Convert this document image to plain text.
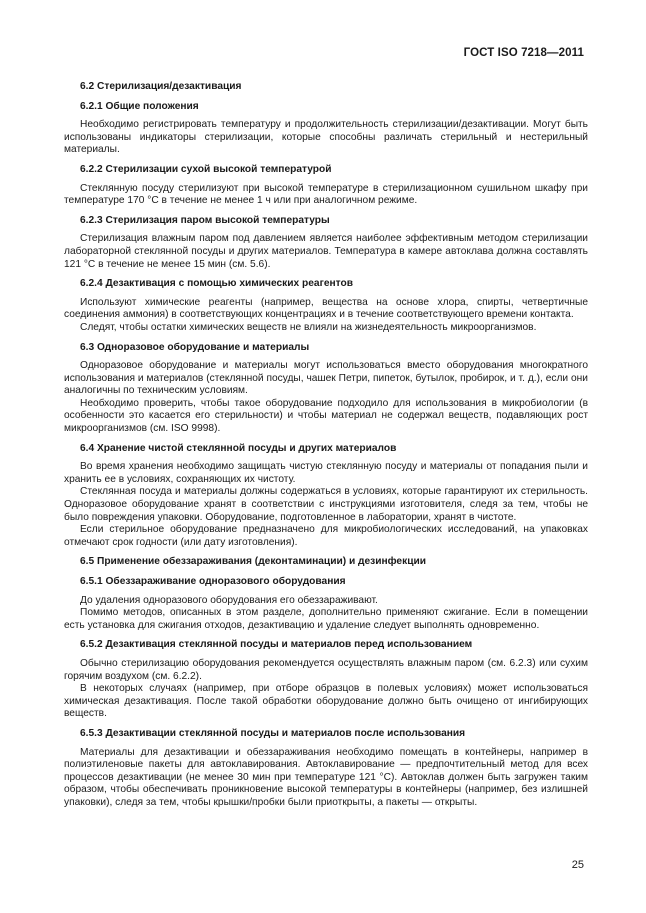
ГОСТ ISO 7218—2011
6.2 Стерилизация/дезактивация
6.2.1 Общие положения

Необходимо регистрировать температуру и продолжительность стерилизации/дезактивации. Могут быть использованы индикаторы стерилизации, которые способны различать стерильный и нестерильный материалы.

6.2.2 Стерилизации сухой высокой температурой

Стеклянную посуду стерилизуют при высокой температуре в стерилизационном сушильном шкафу при температуре 170 °С в течение не менее 1 ч или при аналогичном режиме.

6.2.3 Стерилизация паром высокой температуры

Стерилизация влажным паром под давлением является наиболее эффективным методом стерилизации лабораторной стеклянной посуды и других материалов. Температура в камере автоклава должна составлять 121 °С в течение не менее 15 мин (см. 5.6).

6.2.4 Дезактивация с помощью химических реагентов

Используют химические реагенты (например, вещества на основе хлора, спирты, четвертичные соединения аммония) в соответствующих концентрациях и в течение соответствующего времени контакта.

Следят, чтобы остатки химических веществ не влияли на жизнедеятельность микроорганизмов.

6.3 Одноразовое оборудование и материалы

Одноразовое оборудование и материалы могут использоваться вместо оборудования многократного использования и материалов (стеклянной посуды, чашек Петри, пипеток, бутылок, пробирок, и т. д.), если они аналогичны по техническим условиям.

Необходимо проверить, чтобы такое оборудование подходило для использования в микробиологии (в особенности это касается его стерильности) и чтобы материал не содержал веществ, подавляющих рост микроорганизмов (см. ISO 9998).

6.4 Хранение чистой стеклянной посуды и других материалов

Во время хранения необходимо защищать чистую стеклянную посуду и материалы от попадания пыли и хранить ее в условиях, сохраняющих их чистоту.

Стеклянная посуда и материалы должны содержаться в условиях, которые гарантируют их стерильность. Одноразовое оборудование хранят в соответствии с инструкциями изготовителя, следя за тем, чтобы не было повреждения упаковки. Оборудование, подготовленное в лаборатории, хранят в чистоте.

Если стерильное оборудование предназначено для микробиологических исследований, на упаковках отмечают срок годности (или дату изготовления).

6.5 Применение обеззараживания (деконтаминации) и дезинфекции
6.5.1 Обеззараживание одноразового оборудования

До удаления одноразового оборудования его обеззараживают.

Помимо методов, описанных в этом разделе, дополнительно применяют сжигание. Если в помещении есть установка для сжигания отходов, дезактивацию и удаление следует выполнять одновременно.

6.5.2 Дезактивация стеклянной посуды и материалов перед использованием

Обычно стерилизацию оборудования рекомендуется осуществлять влажным паром (см. 6.2.3) или сухим горячим воздухом (см. 6.2.2).

В некоторых случаях (например, при отборе образцов в полевых условиях) может использоваться химическая дезактивация. После такой обработки оборудование должно быть очищено от ингибирующих веществ.

6.5.3 Дезактивации стеклянной посуды и материалов после использования

Материалы для дезактивации и обеззараживания необходимо помещать в контейнеры, например в полиэтиленовые пакеты для автоклавирования. Автоклавирование — предпочтительный метод для всех процессов дезактивации (не менее 30 мин при температуре 121 °С). Автоклав должен быть загружен таким образом, чтобы обеспечивать проникновение высокой температуры в контейнеры (например, без излишней упаковки), следя за тем, чтобы крышки/пробки были приоткрыты, а пакеты — открыты.

25
